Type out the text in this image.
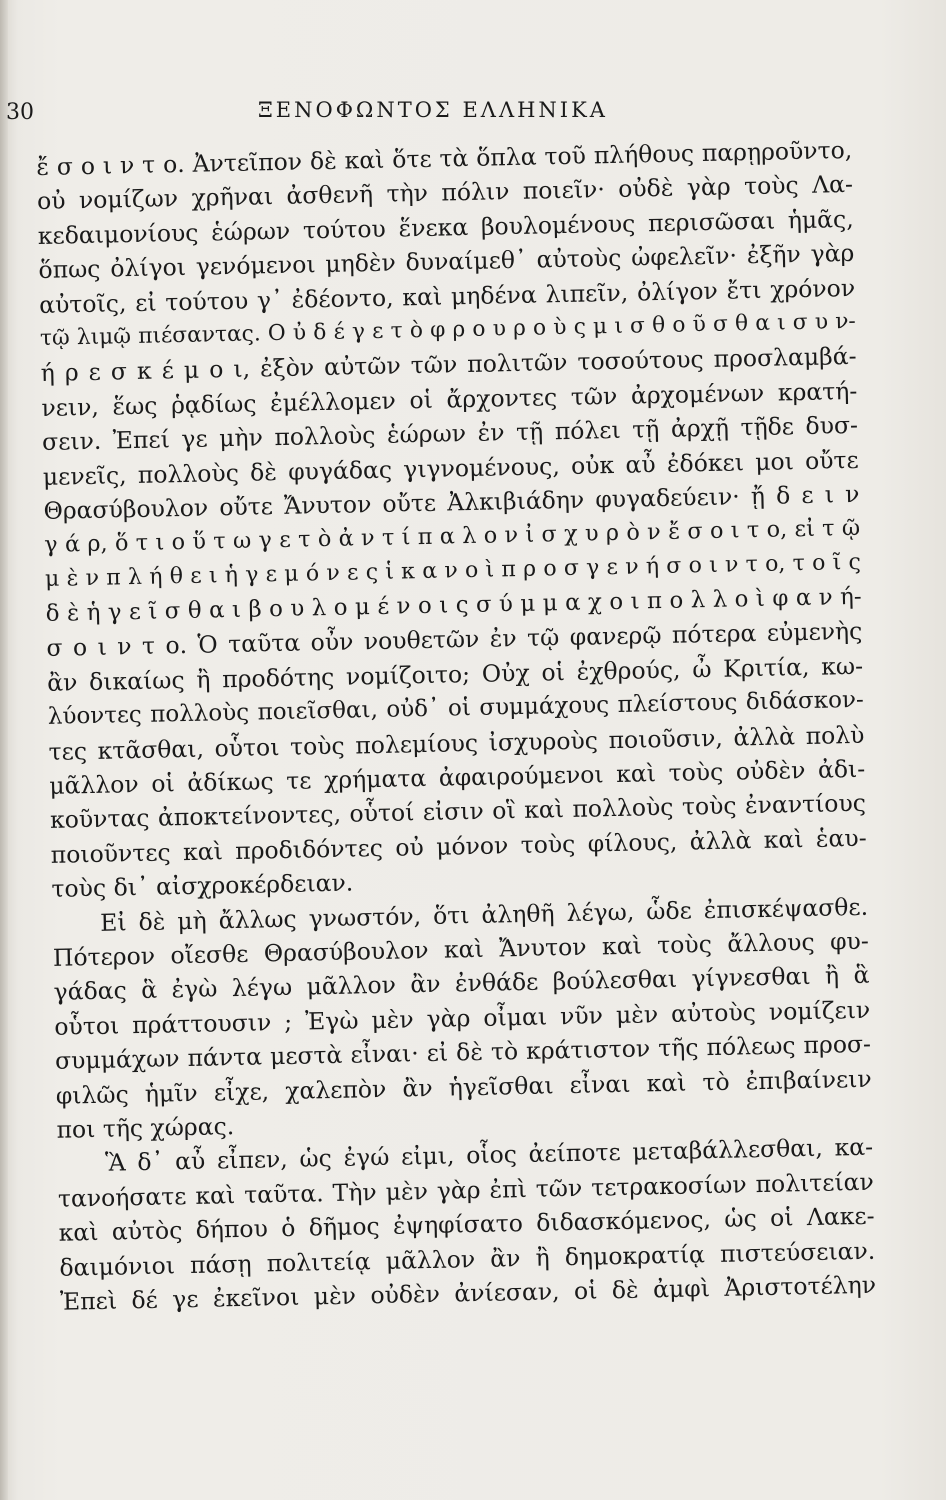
30	ΞΕΝΟΦΩΝΤΟΣ ΕΛΛΗΝΙΚΑ
ἔ σ ο ι ν τ ο. Ἀντεῖπον δὲ καὶ ὅτε τὰ ὅπλα τοῦ πλήθους παρῃροῦντο,
οὐ νομίζων χρῆναι ἀσθενῆ τὴν πόλιν ποιεῖν· οὐδὲ γὰρ τοὺς Λα-
κεδαιμονίους ἑώρων τούτου ἕνεκα βουλομένους περισῶσαι ἡμᾶς,
ὅπως ὀλίγοι γενόμενοι μηδὲν δυναίμεθ᾽ αὐτοὺς ὠφελεῖν· ἐξῆν γὰρ
αὐτοῖς, εἰ τούτου γ᾽ ἐδέοντο, καὶ μηδένα λιπεῖν, ὀλίγον ἔτι χρόνον
τῷ λιμῷ πιέσαντας. Ο ὐ δ έ γ ε τ ὸ φ ρ ο υ ρ ο ὺ ς μ ι σ θ ο ῦ σ θ α ι σ υ ν-
ή ρ ε σ κ έ μ ο ι, ἐξὸν αὐτῶν τῶν πολιτῶν τοσούτους προσλαμβά-
νειν, ἕως ῥᾳδίως ἐμέλλομεν οἱ ἄρχοντες τῶν ἀρχομένων κρατή-
σειν. Ἐπεί γε μὴν πολλοὺς ἑώρων ἐν τῇ πόλει τῇ ἀρχῇ τῇδε δυσ-
μενεῖς, πολλοὺς δὲ φυγάδας γιγνομένους, οὐκ αὖ ἐδόκει μοι οὔτε
Θρασύβουλον οὔτε Ἄνυτον οὔτε Ἀλκιβιάδην φυγαδεύειν· ᾔ δ ε ι ν
γ ά ρ, ὅ τ ι ο ὕ τ ω γ ε τ ὸ ἀ ν τ ί π α λ ο ν ἰ σ χ υ ρ ὸ ν ἔ σ ο ι τ ο, εἰ τ ῷ
μ ὲ ν π λ ή θ ε ι ἡ γ ε μ ό ν ε ς ἱ κ α ν ο ὶ π ρ ο σ γ ε ν ή σ ο ι ν τ ο, τ ο ῖ ς
δ ὲ ἡ γ ε ῖ σ θ α ι β ο υ λ ο μ έ ν ο ι ς σ ύ μ μ α χ ο ι π ο λ λ ο ὶ φ α ν ή-
σ ο ι ν τ ο. Ὁ ταῦτα οὖν νουθετῶν ἐν τῷ φανερῷ πότερα εὐμενὴς
ἂν δικαίως ἢ προδότης νομίζοιτο; Οὐχ οἱ ἐχθρούς, ὦ Κριτία, κω-
λύοντες πολλοὺς ποιεῖσθαι, οὐδ᾽ οἱ συμμάχους πλείστους διδάσκον-
τες κτᾶσθαι, οὗτοι τοὺς πολεμίους ἰσχυροὺς ποιοῦσιν, ἀλλὰ πολὺ
μᾶλλον οἱ ἀδίκως τε χρήματα ἀφαιρούμενοι καὶ τοὺς οὐδὲν ἀδι-
κοῦντας ἀποκτείνοντες, οὗτοί εἰσιν οἳ καὶ πολλοὺς τοὺς ἐναντίους
ποιοῦντες καὶ προδιδόντες οὐ μόνον τοὺς φίλους, ἀλλὰ καὶ ἑαυ-
τοὺς δι᾽ αἰσχροκέρδειαν.
Εἰ δὲ μὴ ἄλλως γνωστόν, ὅτι ἀληθῆ λέγω, ὧδε ἐπισκέψασθε.
Πότερον οἴεσθε Θρασύβουλον καὶ Ἄνυτον καὶ τοὺς ἄλλους φυ-
γάδας ἃ ἐγὼ λέγω μᾶλλον ἂν ἐνθάδε βούλεσθαι γίγνεσθαι ἢ ἃ
οὗτοι πράττουσιν ; Ἐγὼ μὲν γὰρ οἶμαι νῦν μὲν αὐτοὺς νομίζειν
συμμάχων πάντα μεστὰ εἶναι· εἰ δὲ τὸ κράτιστον τῆς πόλεως προσ-
φιλῶς ἡμῖν εἶχε, χαλεπὸν ἂν ἡγεῖσθαι εἶναι καὶ τὸ ἐπιβαίνειν
ποι τῆς χώρας.
Ἃ δ᾽ αὖ εἶπεν, ὡς ἐγώ εἰμι, οἷος ἀείποτε μεταβάλλεσθαι, κα-
τανοήσατε καὶ ταῦτα. Τὴν μὲν γὰρ ἐπὶ τῶν τετρακοσίων πολιτείαν
καὶ αὐτὸς δήπου ὁ δῆμος ἐψηφίσατο διδασκόμενος, ὡς οἱ Λακε-
δαιμόνιοι πάσῃ πολιτείᾳ μᾶλλον ἂν ἢ δημοκρατίᾳ πιστεύσειαν.
Ἐπεὶ δέ γε ἐκεῖνοι μὲν οὐδὲν ἀνίεσαν, οἱ δὲ ἀμφὶ Ἀριστοτέλην
